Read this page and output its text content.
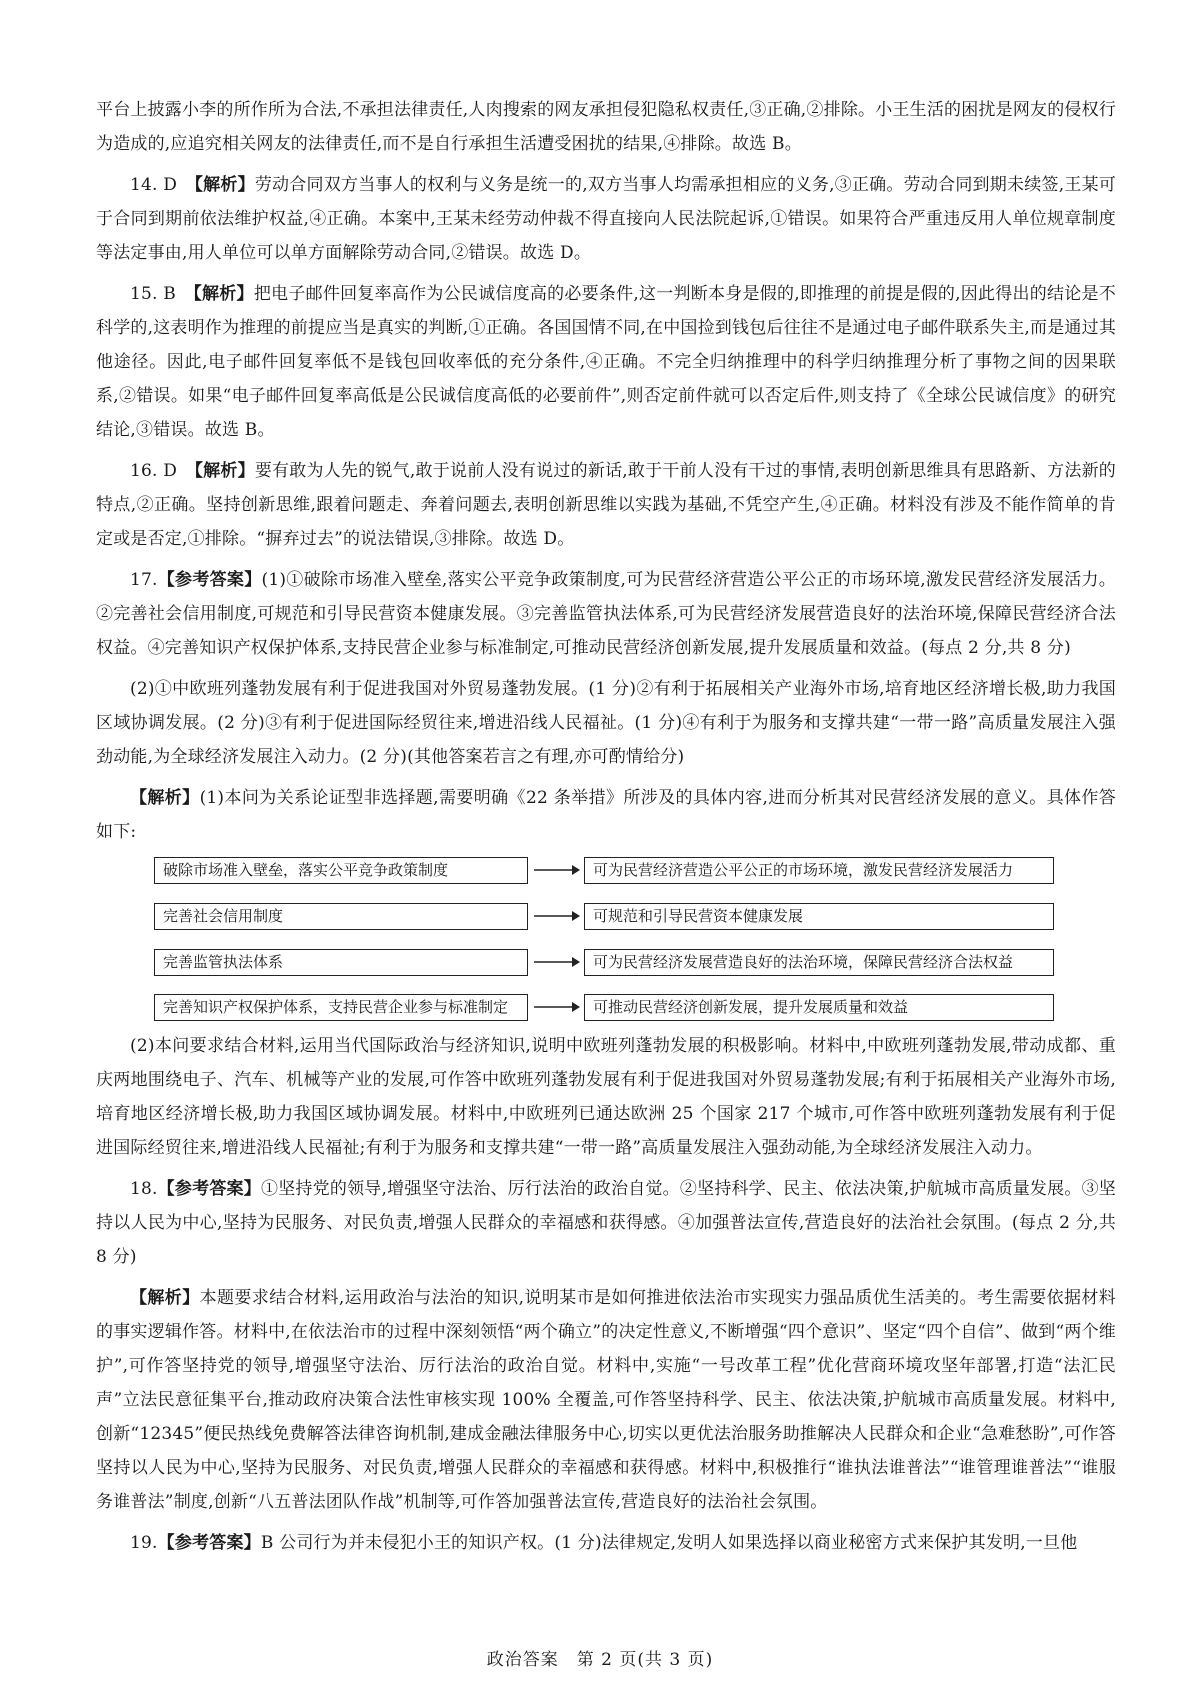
平台上披露小李的所作所为合法,不承担法律责任,人肉搜索的网友承担侵犯隐私权责任,③正确,②排除。小王生活的困扰是网友的侵权行为造成的,应追究相关网友的法律责任,而不是自行承担生活遭受困扰的结果,④排除。故选 B。

14. D　 【解析】劳动合同双方当事人的权利与义务是统一的,双方当事人均需承担相应的义务,③正确。劳动合同到期未续签,王某可于合同到期前依法维护权益,④正确。本案中,王某未经劳动仲裁不得直接向人民法院起诉,①错误。如果符合严重违反用人单位规章制度等法定事由,用人单位可以单方面解除劳动合同,②错误。故选 D。

15. B　 【解析】把电子邮件回复率高作为公民诚信度高的必要条件,这一判断本身是假的,即推理的前提是假的,因此得出的结论是不科学的,这表明作为推理的前提应当是真实的判断,①正确。各国国情不同,在中国捡到钱包后往往不是通过电子邮件联系失主,而是通过其他途径。因此,电子邮件回复率低不是钱包回收率低的充分条件,④正确。不完全归纳推理中的科学归纳推理分析了事物之间的因果联系,②错误。如果“电子邮件回复率高低是公民诚信度高低的必要前件”,则否定前件就可以否定后件,则支持了《全球公民诚信度》的研究结论,③错误。故选 B。

16. D　 【解析】要有敢为人先的锐气,敢于说前人没有说过的新话,敢于干前人没有干过的事情,表明创新思维具有思路新、方法新的特点,②正确。坚持创新思维,跟着问题走、奔着问题去,表明创新思维以实践为基础,不凭空产生,④正确。材料没有涉及不能作简单的肯定或是否定,①排除。“摒弃过去”的说法错误,③排除。故选 D。

17.【参考答案】(1)①破除市场准入壁垒,落实公平竞争政策制度,可为民营经济营造公平公正的市场环境,激发民营经济发展活力。②完善社会信用制度,可规范和引导民营资本健康发展。③完善监管执法体系,可为民营经济发展营造良好的法治环境,保障民营经济合法权益。④完善知识产权保护体系,支持民营企业参与标准制定,可推动民营经济创新发展,提升发展质量和效益。(每点 2 分,共 8 分)

(2)①中欧班列蓬勃发展有利于促进我国对外贸易蓬勃发展。(1 分)②有利于拓展相关产业海外市场,培育地区经济增长极,助力我国区域协调发展。(2 分)③有利于促进国际经贸往来,增进沿线人民福祉。(1 分)④有利于为服务和支撑共建“一带一路”高质量发展注入强劲动能,为全球经济发展注入动力。(2 分)(其他答案若言之有理,亦可酌情给分)

【解析】(1)本问为关系论证型非选择题,需要明确《22 条举措》所涉及的具体内容,进而分析其对民营经济发展的意义。具体作答如下:

破除市场准入壁垒，落实公平竞争政策制度	可为民营经济营造公平公正的市场环境，激发民营经济发展活力
完善社会信用制度	可规范和引导民营资本健康发展
完善监管执法体系	可为民营经济发展营造良好的法治环境，保障民营经济合法权益
完善知识产权保护体系，支持民营企业参与标准制定	可推动民营经济创新发展，提升发展质量和效益

(2)本问要求结合材料,运用当代国际政治与经济知识,说明中欧班列蓬勃发展的积极影响。材料中,中欧班列蓬勃发展,带动成都、重庆两地围绕电子、汽车、机械等产业的发展,可作答中欧班列蓬勃发展有利于促进我国对外贸易蓬勃发展;有利于拓展相关产业海外市场,培育地区经济增长极,助力我国区域协调发展。材料中,中欧班列已通达欧洲 25 个国家 217 个城市,可作答中欧班列蓬勃发展有利于促进国际经贸往来,增进沿线人民福祉;有利于为服务和支撑共建“一带一路”高质量发展注入强劲动能,为全球经济发展注入动力。

18.【参考答案】①坚持党的领导,增强坚守法治、厉行法治的政治自觉。②坚持科学、民主、依法决策,护航城市高质量发展。③坚持以人民为中心,坚持为民服务、对民负责,增强人民群众的幸福感和获得感。④加强普法宣传,营造良好的法治社会氛围。(每点 2 分,共 8 分)

【解析】本题要求结合材料,运用政治与法治的知识,说明某市是如何推进依法治市实现实力强品质优生活美的。考生需要依据材料的事实逻辑作答。材料中,在依法治市的过程中深刻领悟“两个确立”的决定性意义,不断增强“四个意识”、坚定“四个自信”、做到“两个维护”,可作答坚持党的领导,增强坚守法治、厉行法治的政治自觉。材料中,实施“一号改革工程”优化营商环境攻坚年部署,打造“法汇民声”立法民意征集平台,推动政府决策合法性审核实现 100% 全覆盖,可作答坚持科学、民主、依法决策,护航城市高质量发展。材料中,创新“12345”便民热线免费解答法律咨询机制,建成金融法律服务中心,切实以更优法治服务助推解决人民群众和企业“急难愁盼”,可作答坚持以人民为中心,坚持为民服务、对民负责,增强人民群众的幸福感和获得感。材料中,积极推行“谁执法谁普法”“谁管理谁普法”“谁服务谁普法”制度,创新“八五普法团队作战”机制等,可作答加强普法宣传,营造良好的法治社会氛围。

19.【参考答案】B 公司行为并未侵犯小王的知识产权。(1 分)法律规定,发明人如果选择以商业秘密方式来保护其发明,一旦他

政治答案　第 2 页(共 3 页)
